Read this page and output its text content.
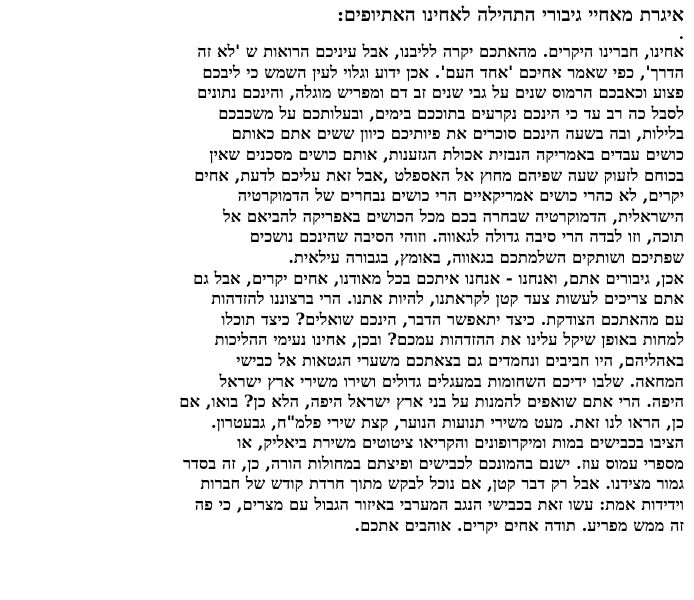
איגרת מאחיי גיבורי התהילה לאחינו האתיופים:

.

אחינו, חברינו היקרים. מהאתכם יקרה לליבנו, אבל עיניכם הרואות ש 'לא זה

הדרך', כפי שאמר אחיכם 'אחד העם'. אכן ידוע וגלוי לעין השמש כי ליבכם

פצוע וכאבכם הרמוס שנים על גבי שנים זב דם ומפריש מוגלה, והינכם נתונים

לסבל כה רב עד כי הינכם נקרעים בתוככם בימים, ובעלותכם על משכבכם

בלילות, ובה בשעה הינכם סוכרים את פיותיכם כיוון ששים אתם כאותם

כושים עבדים באמריקה הנבזית אכולת הגזענות, אותם כושים מסכנים שאין

בכוחם לזעוק שעה שפיהם מחוץ אל האספלט ,אבל זאת עליכם לדעת, אחים

יקרים, לא כהרי כושים אמריקאיים הרי כושים נבחרים של הדמוקרטיה

הישראלית, הדמוקרטיה שבחרה בכם מכל הכושים באפריקה להביאם אל

תוכה, וזו לבדה הרי סיבה גדולה לגאווה. וזוהי הסיבה שהינכם נושכים

שפתיכם ושותקים השלמתכם בגאווה, באומץ, בגבורה עילאית.

אכן, גיבורים אתם, ואנחנו - אנחנו איתכם בכל מאודנו, אחים יקרים, אבל גם

אתם צריכים לעשות צעד קטן לקראתנו, להיות אתנו. הרי ברצוננו להזדהות

עם מהאתכם הצודקת. כיצד יתאפשר הדבר, הינכם שואלים? כיצד תוכלו

למחות באופן שיקל עלינו את ההזדהות עמכם? ובכן, אחינו נעימי ההליכות

באהליהם, היו חביבים ונחמדים גם בצאתכם משערי הגטאות אל כבישי

המחאה. שלבו ידיכם השחומות במעגלים גדולים ושירו משירי ארץ ישראל

היפה. הרי אתם שואפים להמנות על בני ארץ ישראל היפה, הלא כן? בואו, אם

כן, הראו לנו זאת. מעט משירי תנועות הנוער, קצת שירי פלמ"ח, גבעטרון.

הציבו בכבישים במות ומיקרופונים והקריאו ציטוטים משירת ביאליק, או

מספרי עמוס עוז. ישנם בהמונכם לכבישים ופיצתם במחולות הורה, כן, זה בסדר

גמור מצידנו. אבל רק דבר קטן, אם נוכל לבקש מתוך חרדת קודש של חברות

וידידות אמת: עשו זאת בכבישי הנגב המערבי באיזור הגבול עם מצרים, כי פה

זה ממש מפריע. תודה אחים יקרים. אוהבים אתכם.
